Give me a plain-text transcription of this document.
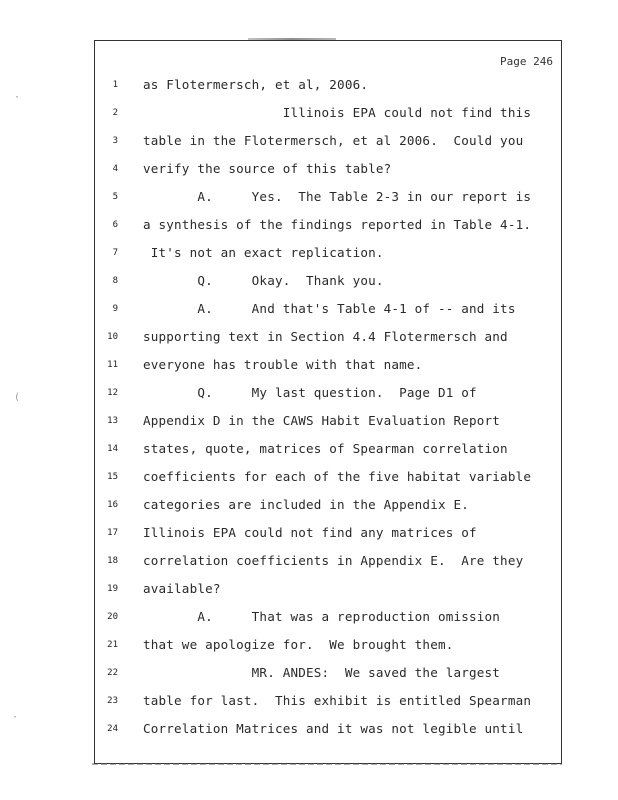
·
(
·
Page 246
1 as Flotermersch, et al, 2006.
2 Illinois EPA could not find this
3 table in the Flotermersch, et al 2006.  Could you
4 verify the source of this table?
5 A.     Yes.  The Table 2-3 in our report is
6 a synthesis of the findings reported in Table 4-1.
7 It's not an exact replication.
8 Q.     Okay.  Thank you.
9 A.     And that's Table 4-1 of -- and its
10 supporting text in Section 4.4 Flotermersch and
11 everyone has trouble with that name.
12 Q.     My last question.  Page D1 of
13 Appendix D in the CAWS Habit Evaluation Report
14 states, quote, matrices of Spearman correlation
15 coefficients for each of the five habitat variable
16 categories are included in the Appendix E.
17 Illinois EPA could not find any matrices of
18 correlation coefficients in Appendix E.  Are they
19 available?
20 A.     That was a reproduction omission
21 that we apologize for.  We brought them.
22 MR. ANDES:  We saved the largest
23 table for last.  This exhibit is entitled Spearman
24 Correlation Matrices and it was not legible until
